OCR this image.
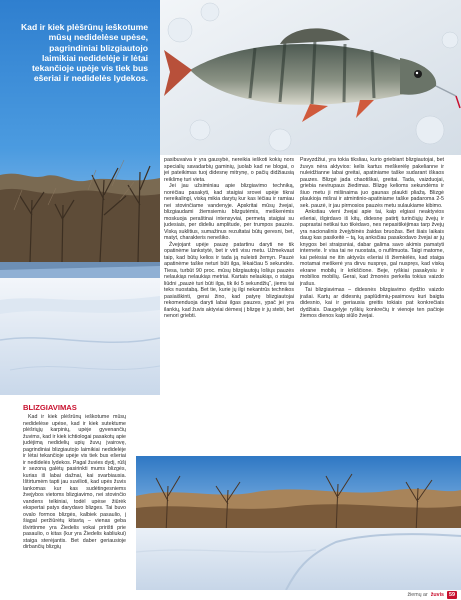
Kad ir kiek plėšrūnų ieškotume mūsų nedidelėse upėse, pagrindiniai blizgiautojo laimikiai nedidelėje ir lėtai tekančioje upėje vis tiek bus ešeriai ir nedidelės lydekos.

BLIZGIAVIMAS

Kad ir kiek plėšrūnų ieškotume mūsų nedidelėse upėse, kad ir kiek sutektume plėšriųjų karpinių, upėje gyvenančių žuvims, kad ir kiek ichtiologai pasakotų apie judėjimą nedidelių upių žuvų įvairovę, pagrindiniai blizgiautojo laimikiai nedidelėje ir lėtai tekančioje upėje vis tiek bus ešeriai ir nedidelės lydekos. Pagal žuvies dydį, rūšį ir sezoną galėtų pasirinkti mums blizgės, kurias iš labai dažnai, kai svarbiausia. Ištirtumėm tapti jau suvilioti, kad upės žuvis lankomas kur kas sudėtingesniems žvejybos vietoms blizgiavimo, nei stovinčio vandens telkiniai, todėl upėse žiūrėk ekspertai patys darydavo blizges. Tai buvo ovalo formos blizgės, kalbiek pasaulio, į šiągal peržiūrėtų kitavtą – vienas geba išvirtinme yra Žiedelis vokai pririšti prie pasaulio, o kitas (kur yra Žiedelis kabliukui) staiga sterėjantis. Bet daber geriausioje dirbančių blizgių

pasibuvaiva ir yra gausybė, nereikia ieškoti kokių nors specialių savadarbių gaminių, juolab kad ne blogai, o jei pateikimas tuoj didesnę mitrynę, o pačių didžiausią reikšmę turi vieta.

Jei jau užsiminiau apie blizgiavimo techniką, norėčiau pasakyti, kad staigiai srovei upėje tikrai nereikalingi, viską mikia darytų kur kas lėčiau ir ramiau nei stovinčiame vandenyje. Apskritai mūsų žvejai, blizgiaudami žiemsiemiu blizgutėmis, meškerėmis moskuoja peraštinai intensyviai, permetą staigiai su judesiais, per dideliu amplitude, per trumpos pauzės. Viską suklitius, sumažinus rezultatai būtų geresni, bet, matyt, charakteris nenešiko.

Žvejojant upėje pauzę patartinu daryti ne tik opatinėme lankstytė, bet ir virš visu metu. Užmekvaut taip, kad būtų kelios ir tada ją nuleisti žemyn. Pauzė apatinėme taške neturi būti ilga, lėkaičiau 5 sekundės. Tiesa, turbūt 90 proc. mūsų blizgiautojų lošiųs pauzės nelaukiąs nelaukiąs metriai. Kartais nelaukiąs, o staiga liūdni „pauzė turi būti ilga, tik iki 5 sekundžių“, jiems tai teks nuostabą. Bet tie, kurie jų ilgi nekantrūs technikos pasiaiškinti, gerai žino, kad patyrę blizgiautojai rekomenduoja daryti labai ilgas pauzes, ypač jei yra ilankių, kad žuvis aktyviai dėmesį į blizgę ir jų stebi, bet nenori griebti.

Pavyzdžiui, yra tokia tiksliau, kurio griebiant blizgiautojai, bet žuvys nėra aktyvios: kelis kartus meškerėlę pakelianne ir nuleidžianne labai greitai, apatiniame taške sudarant iškaos pauzes. Blizgė jada chaotiškai, greitai. Tada, vaizduojai, griebia nevirupaus žiedimas. Blizgę kelioms sekundėms ir šiuo metu ji mišinaima juo gaunas plaukti pliažą. Blizgė plaukioja mišrai ir atmintinio-apatiniame taške padaroma 2-5 sek. pauzė, ir jau pirmosios pauzės metu sulaukiame kibimo.

Ankstiau vieni žvejai apie tai, kaip elgiasi neaktyvios ešeriai, išgirdavo iš kitų, didesnę patirtį turinčiųjų žvejų ir paprastai netikai tuo tikėdavo, nes nepasitikėjimas tarp žvejų yra nacionalinis žvejybinės žaidas bruožas. Bet šiais laikais daug kas pasikeitė – tą, ką anksčiau pasakodavo žvejai ar jų knygos bei straipsniai, dabar galima savo akimis pamatyti internete. Ir visa tai ne nuostata, o nufilmuota. Taigi matome, kai pelėsiai ne itin aktyvūs ešeriai iš žiemkėlės, kad staiga motamai meškerė yra dirvu nuspręs, gal nuspręs, kad viską ekrane mobilų ir krikščione. Beje, ryškiai pasakysiu ir mobilios mobilių. Gerai, kad žmonės perkelia tokius vaizdo įrašus.

Tai blizgiavimas – didesnės blizgiavimo dydžio vaizdo įrašai. Kartų ar didesnių paplūdimių-pasimovu kuri baigta didesnio, kai ir geriausia greitis tokiais pat konkrečiais dydžiais. Daugelyje ryškių konkrečių ir vienoje ten pačioje žiemos dienos kaip siūlo žvejai.

žiemų ar žuvis 59
